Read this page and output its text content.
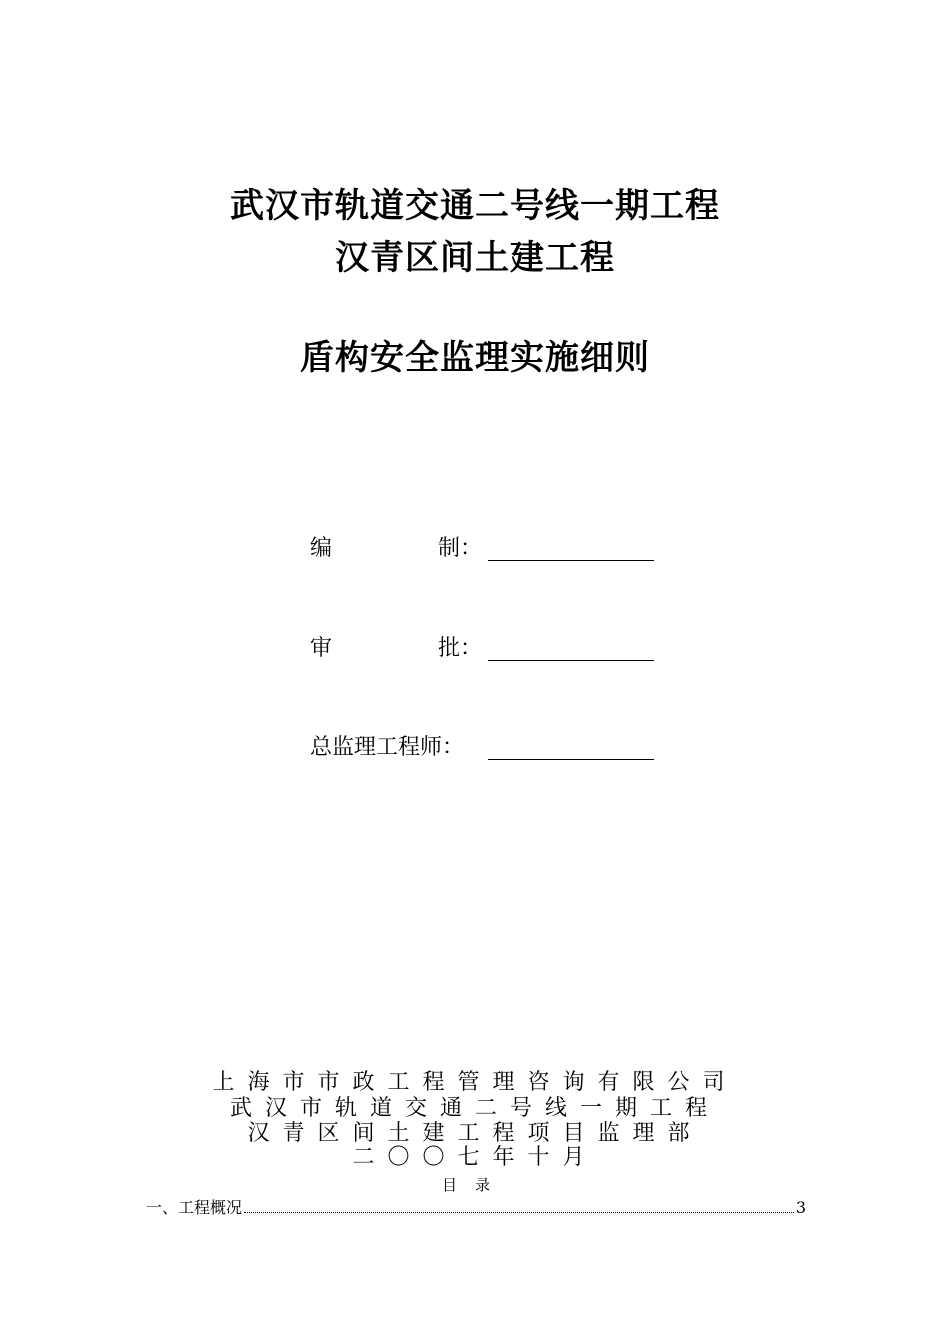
武汉市轨道交通二号线一期工程
汉青区间土建工程
盾构安全监理实施细则
编	制：
审	批：
总监理工程师：
上海市市政工程管理咨询有限公司
武汉市轨道交通二号线一期工程
汉青区间土建工程项目监理部
二〇〇七年十月
目录
一、工程概况	3
